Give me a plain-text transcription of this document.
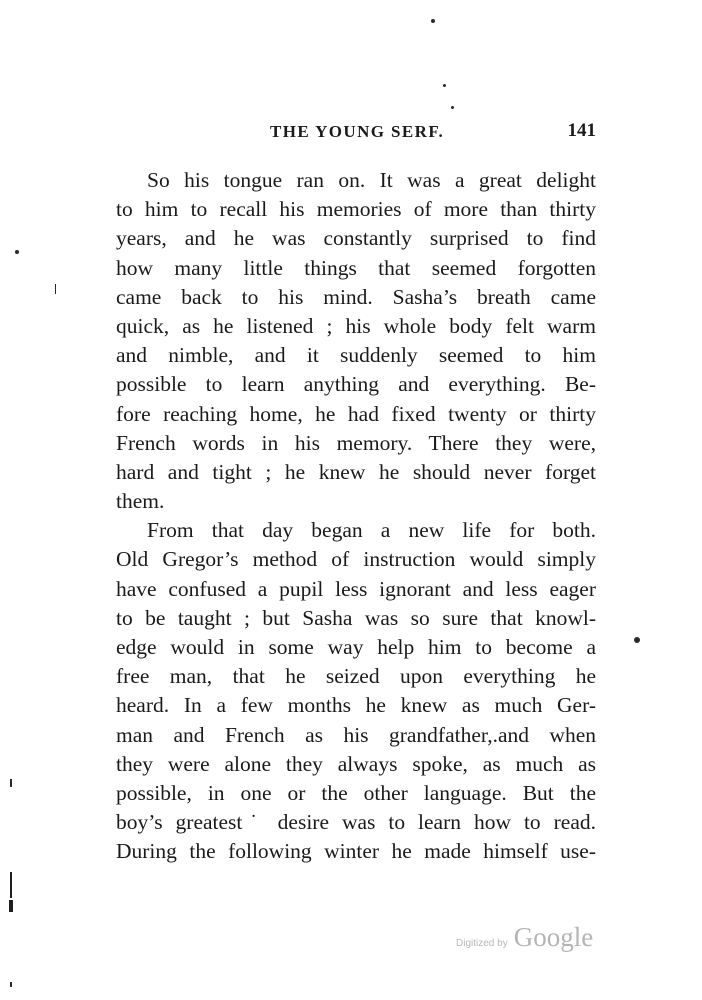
THE YOUNG SERF.	141
So his tongue ran on. It was a great delight
to him to recall his memories of more than thirty
years, and he was constantly surprised to find
how many little things that seemed forgotten
came back to his mind. Sasha’s breath came
quick, as he listened ; his whole body felt warm
and nimble, and it suddenly seemed to him
possible to learn anything and everything. Be-
fore reaching home, he had fixed twenty or thirty
French words in his memory. There they were,
hard and tight ; he knew he should never forget
them.
From that day began a new life for both.
Old Gregor’s method of instruction would simply
have confused a pupil less ignorant and less eager
to be taught ; but Sasha was so sure that knowl-
edge would in some way help him to become a
free man, that he seized upon everything he
heard. In a few months he knew as much Ger-
man and French as his grandfather,.and when
they were alone they always spoke, as much as
possible, in one or the other language. But the
boy’s greatest˙ desire was to learn how to read.
During the following winter he made himself use-
Digitized by Google
